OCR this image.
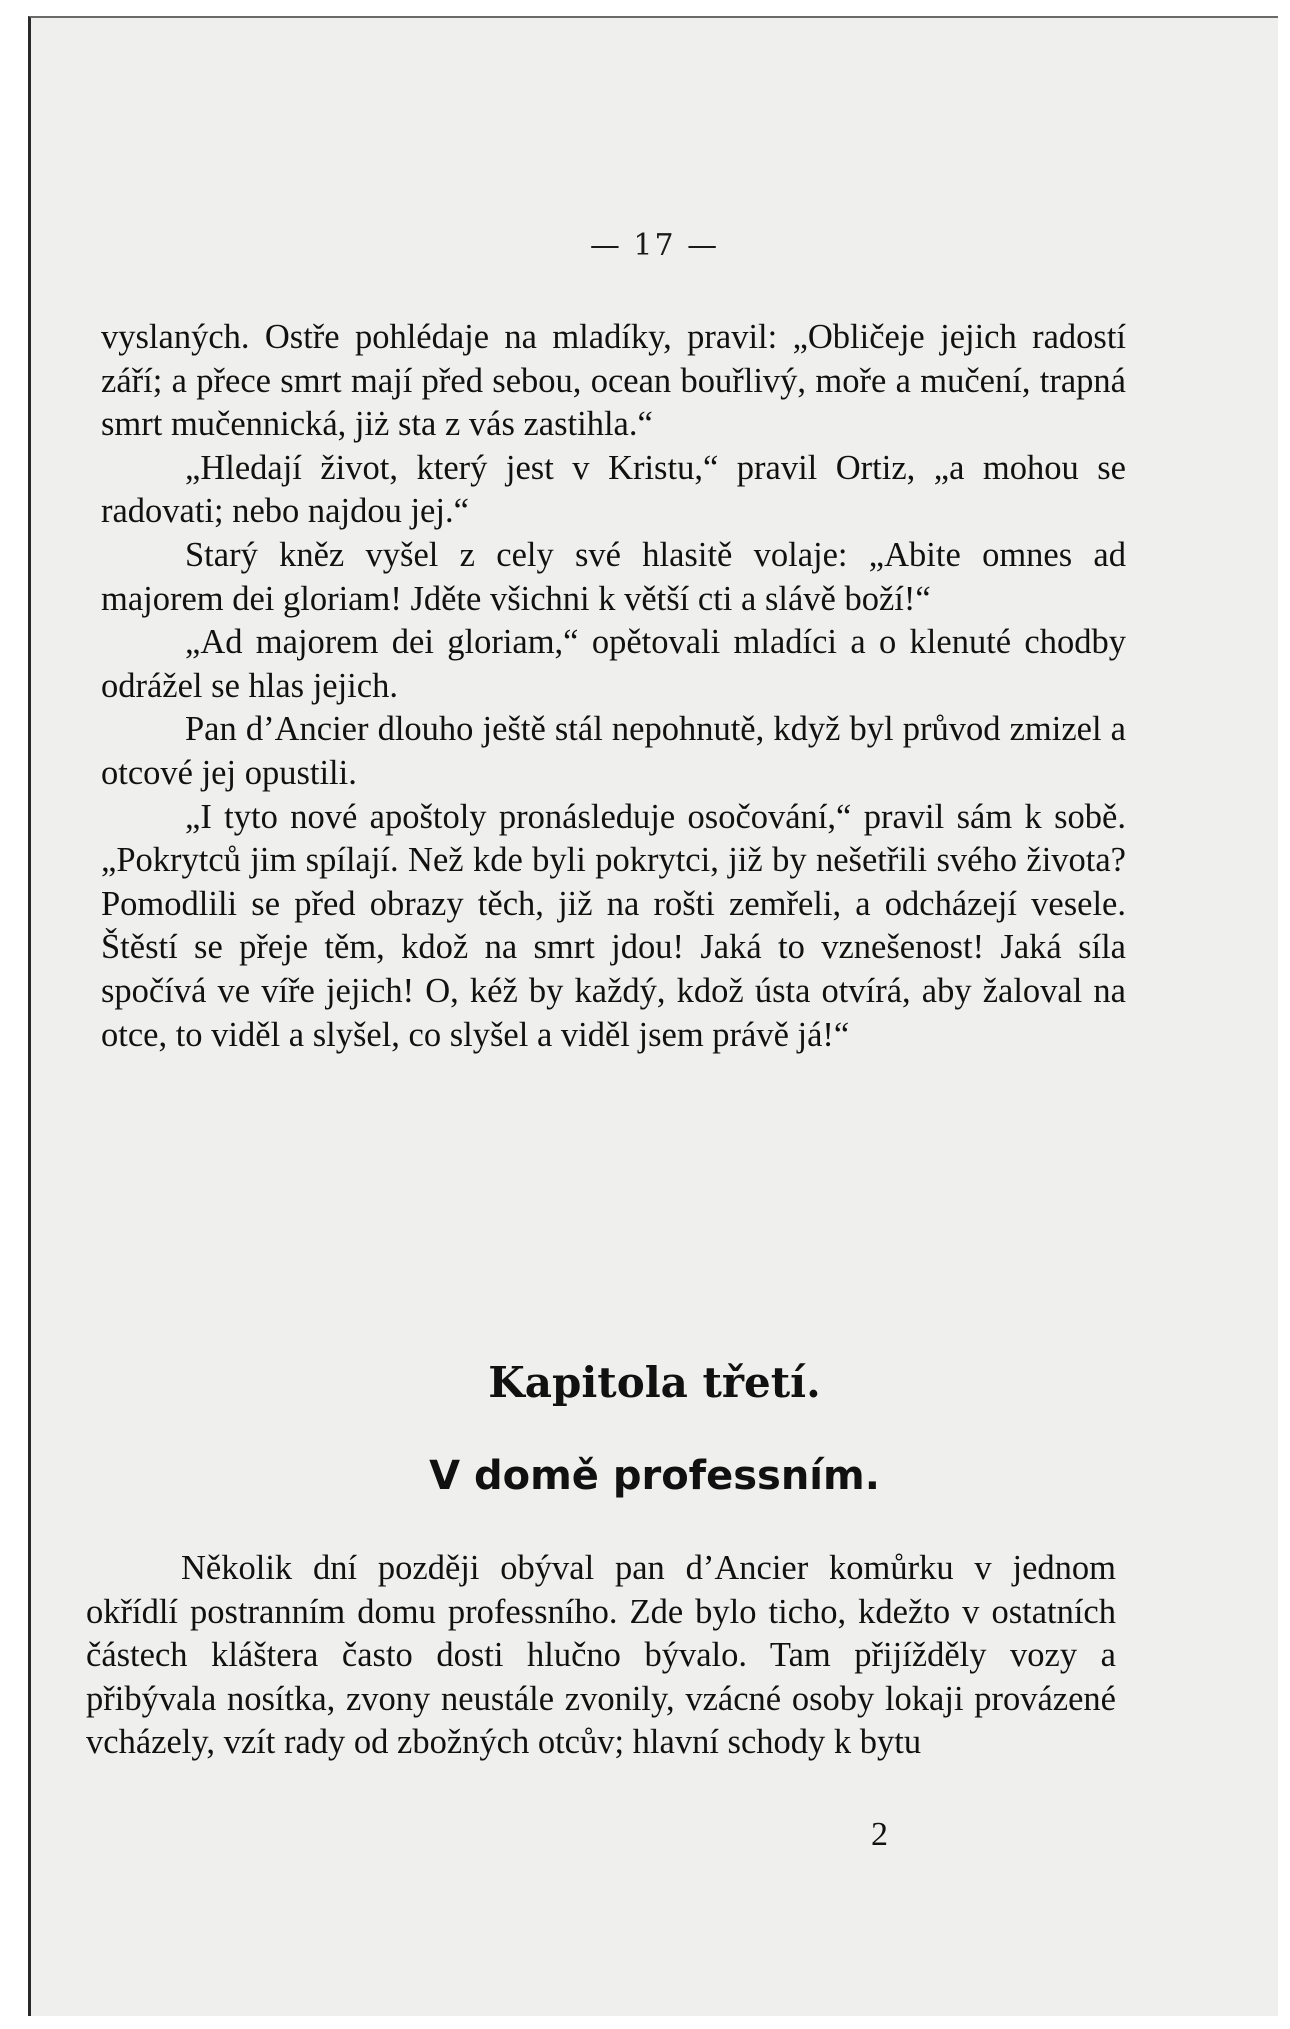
— 17 —

vyslaných. Ostře pohlédaje na mladíky, pravil: „Obličeje jejich radostí září; a přece smrt mají před sebou, ocean bouřlivý, moře a mučení, trapná smrt mučennická, jiż sta z vás zastihla.“

„Hledají život, který jest v Kristu,“ pravil Ortiz, „a mohou se radovati; nebo najdou jej.“

Starý kněz vyšel z cely své hlasitě volaje: „Abite omnes ad majorem dei gloriam! Jděte všichni k větší cti a slávě boží!“

„Ad majorem dei gloriam,“ opětovali mladíci a o klenuté chodby odrážel se hlas jejich.

Pan d’Ancier dlouho ještě stál nepohnutě, když byl průvod zmizel a otcové jej opustili.

„I tyto nové apoštoly pronásleduje osočování,“ pravil sám k sobě. „Pokrytců jim spílají. Než kde byli pokrytci, již by nešetřili svého života? Pomodlili se před obrazy těch, již na rošti zemřeli, a odcházejí vesele. Štěstí se přeje těm, kdož na smrt jdou! Jaká to vznešenost! Jaká síla spočívá ve víře jejich! O, kéž by každý, kdož ústa otvírá, aby žaloval na otce, to viděl a slyšel, co slyšel a viděl jsem právě já!“

Kapitola třetí.
V domě professním.

Několik dní později obýval pan d’Ancier komůrku v jednom okřídlí postranním domu professního. Zde bylo ticho, kdežto v ostatních částech kláštera často dosti hlučno bývalo. Tam přijížděly vozy a přibývala nosítka, zvony neustále zvonily, vzácné osoby lokaji provázené vcházely, vzít rady od zbožných otcův; hlavní schody k bytu

2
